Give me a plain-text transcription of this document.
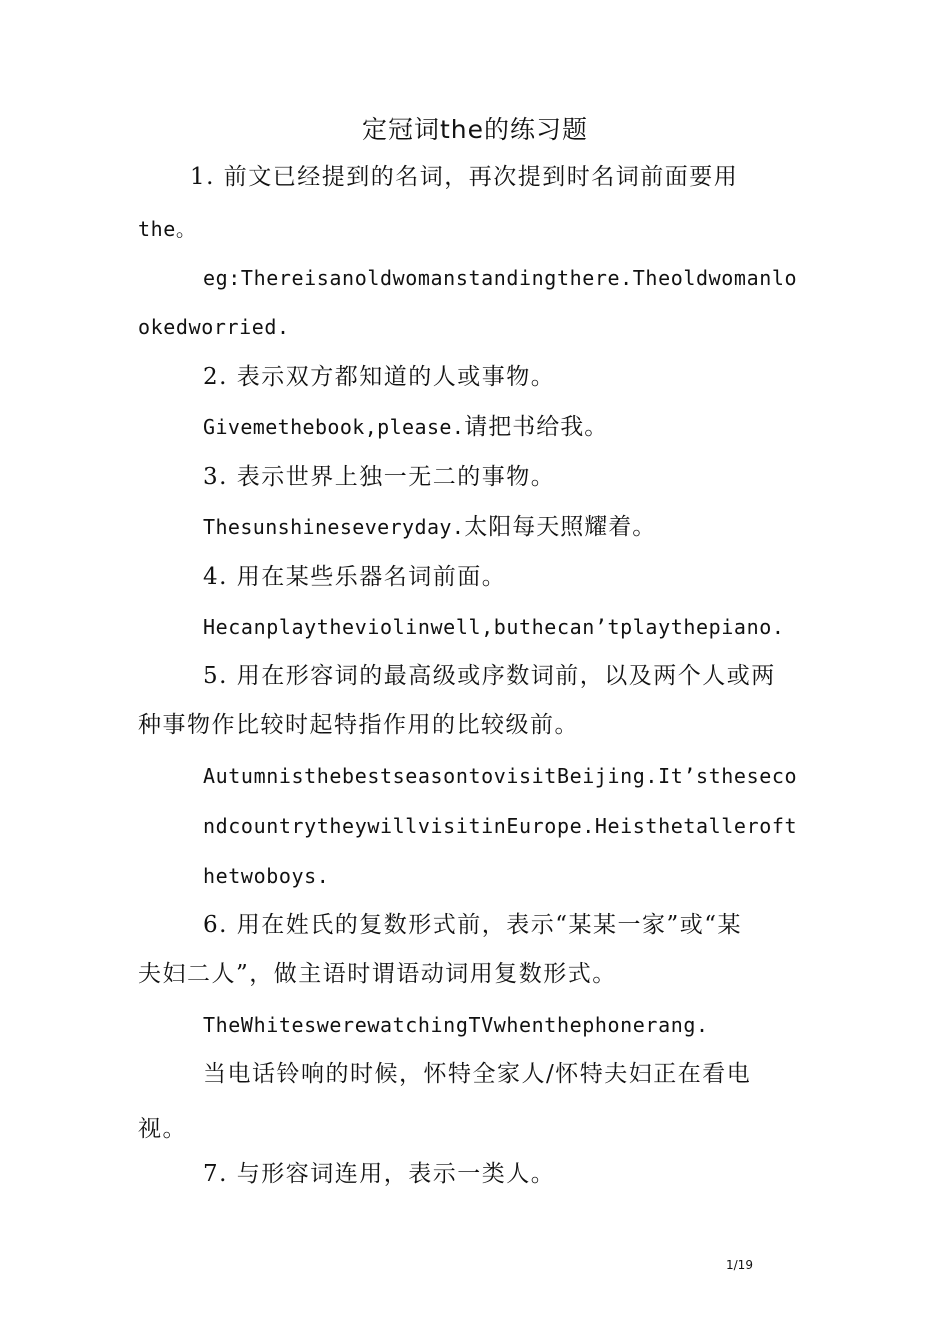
定冠词the的练习题

1. 前文已经提到的名词，再次提到时名词前面要用

the。

eg:Thereisanoldwomanstandingthere.Theoldwomanlo

okedworried.

2. 表示双方都知道的人或事物。

Givemethebook,please.请把书给我。

3. 表示世界上独一无二的事物。

Thesunshineseveryday.太阳每天照耀着。

4. 用在某些乐器名词前面。

Hecanplaytheviolinwell,buthecan’tplaythepiano.

5. 用在形容词的最高级或序数词前，以及两个人或两

种事物作比较时起特指作用的比较级前。

AutumnisthebestseasontovisitBeijing.It’sthesecо

ndcountrytheywillvisitinEurope.Heisthetalleroft

hetwoboys.

6. 用在姓氏的复数形式前，表示“某某一家”或“某

夫妇二人”，做主语时谓语动词用复数形式。

TheWhiteswerewatchingTVwhenthephonerang.

当电话铃响的时候，怀特全家人/怀特夫妇正在看电

视。

7. 与形容词连用，表示一类人。

1/19
